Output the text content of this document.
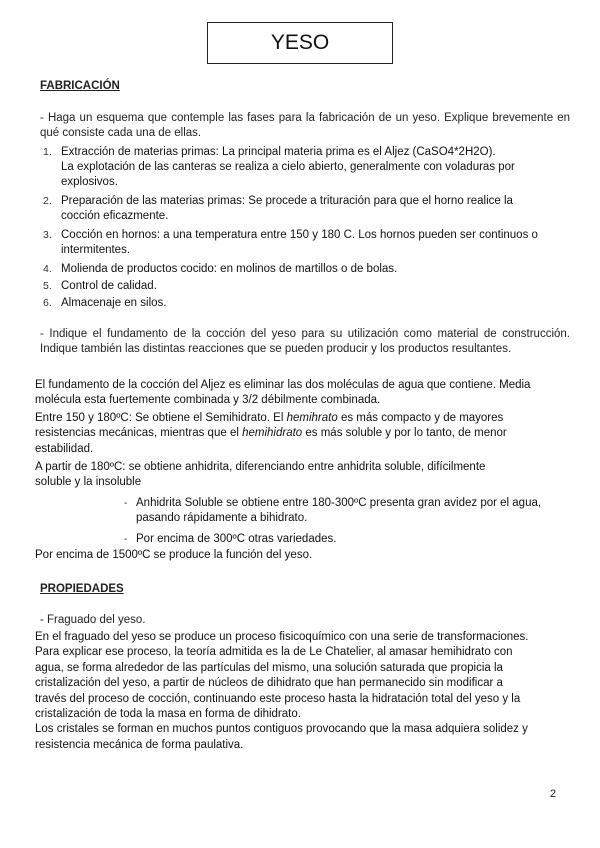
YESO
FABRICACIÓN
- Haga un esquema que contemple las fases para la fabricación de un yeso. Explique brevemente en qué consiste cada una de ellas.
1. Extracción de materias primas: La principal materia prima es el Aljez (CaSO4*2H2O).
La explotación de las canteras se realiza a cielo abierto, generalmente con voladuras por
explosivos.
2. Preparación de las materias primas: Se procede a trituración para que el horno realice la
cocción eficazmente.
3. Cocción en hornos: a una temperatura entre 150 y 180 C. Los hornos pueden ser continuos o
intermitentes.
4. Molienda de productos cocido: en molinos de martillos o de bolas.
5. Control de calidad.
6. Almacenaje en silos.
- Indique el fundamento de la cocción del yeso para su utilización como material de construcción. Indique también las distintas reacciones que se pueden producir y los productos resultantes.
El fundamento de la cocción del Aljez es eliminar las dos moléculas de agua que contiene. Media
molécula esta fuertemente combinada y 3/2 débilmente combinada.
Entre 150 y 180ºC: Se obtiene el Semihidrato. El hemihrato es más compacto y de mayores
resistencias mecánicas, mientras que el hemihidrato es más soluble y por lo tanto, de menor
estabilidad.
A partir de 180ºC: se obtiene anhidrita, diferenciando entre anhidrita soluble, difícilmente
soluble y la insoluble
- Anhidrita Soluble se obtiene entre 180-300ºC presenta gran avidez por el agua,
pasando rápidamente a bihidrato.
- Por encima de 300ºC otras variedades.
Por encima de 1500ºC se produce la función del yeso.
PROPIEDADES
- Fraguado del yeso.
En el fraguado del yeso se produce un proceso fisicoquímico con una serie de transformaciones.
Para explicar ese proceso, la teoría admitida es la de Le Chatelier, al amasar hemihidrato con
agua, se forma alrededor de las partículas del mismo, una solución saturada que propicia la
cristalización del yeso, a partir de núcleos de dihidrato que han permanecido sin modificar a
través del proceso de cocción, continuando este proceso hasta la hidratación total del yeso y la
cristalización de toda la masa en forma de dihidrato.
Los cristales se forman en muchos puntos contiguos provocando que la masa adquiera solidez y
resistencia mecánica de forma paulativa.
2
